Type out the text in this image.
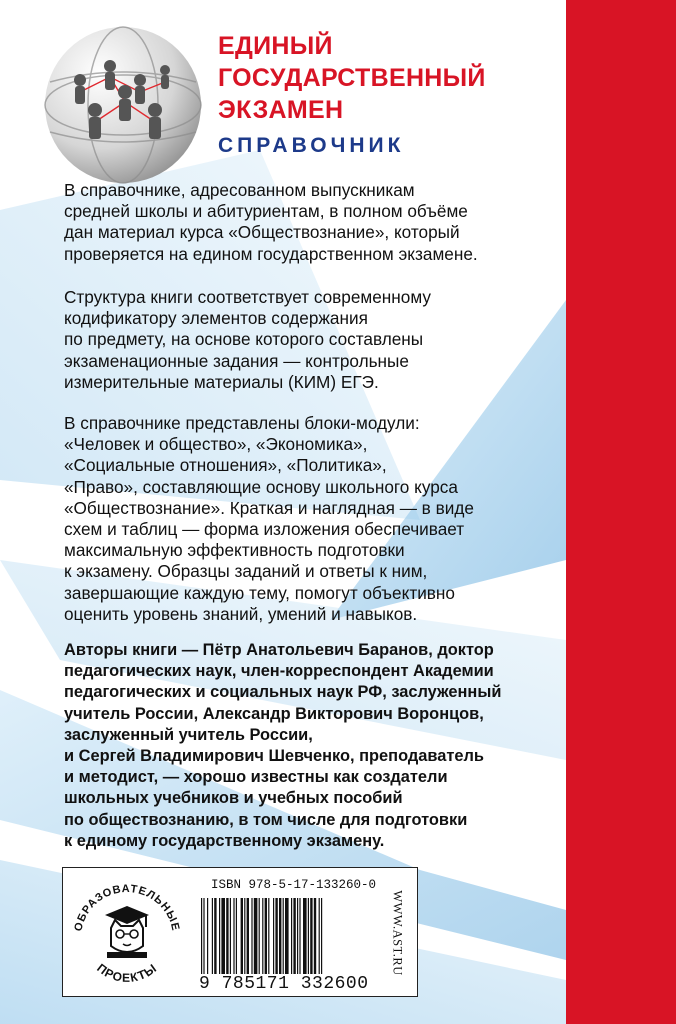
ЕДИНЫЙ
ГОСУДАРСТВЕННЫЙ
ЭКЗАМЕН
СПРАВОЧНИК
В справочнике, адресованном выпускникам
средней школы и абитуриентам, в полном объёме
дан материал курса «Обществознание», который
проверяется на едином государственном экзамене.
Структура книги соответствует современному
кодификатору элементов содержания
по предмету, на основе которого составлены
экзаменационные задания — контрольные
измерительные материалы (КИМ) ЕГЭ.
В справочнике представлены блоки-модули:
«Человек и общество», «Экономика»,
«Социальные отношения», «Политика»,
«Право», составляющие основу школьного курса
«Обществознание». Краткая и наглядная — в виде
схем и таблиц — форма изложения обеспечивает
максимальную эффективность подготовки
к экзамену. Образцы заданий и ответы к ним,
завершающие каждую тему, помогут объективно
оценить уровень знаний, умений и навыков.
Авторы книги — Пётр Анатольевич Баранов, доктор
педагогических наук, член-корреспондент Академии
педагогических и социальных наук РФ, заслуженный
учитель России, Александр Викторович Воронцов,
заслуженный учитель России,
и Сергей Владимирович Шевченко, преподаватель
и методист, — хорошо известны как создатели
школьных учебников и учебных пособий
по обществознанию, в том числе для подготовки
к единому государственному экзамену.
ОБРАЗОВАТЕЛЬНЫЕ
ПРОЕКТЫ
ISBN 978-5-17-133260-0
9 785171 332600
WWW.AST.RU
